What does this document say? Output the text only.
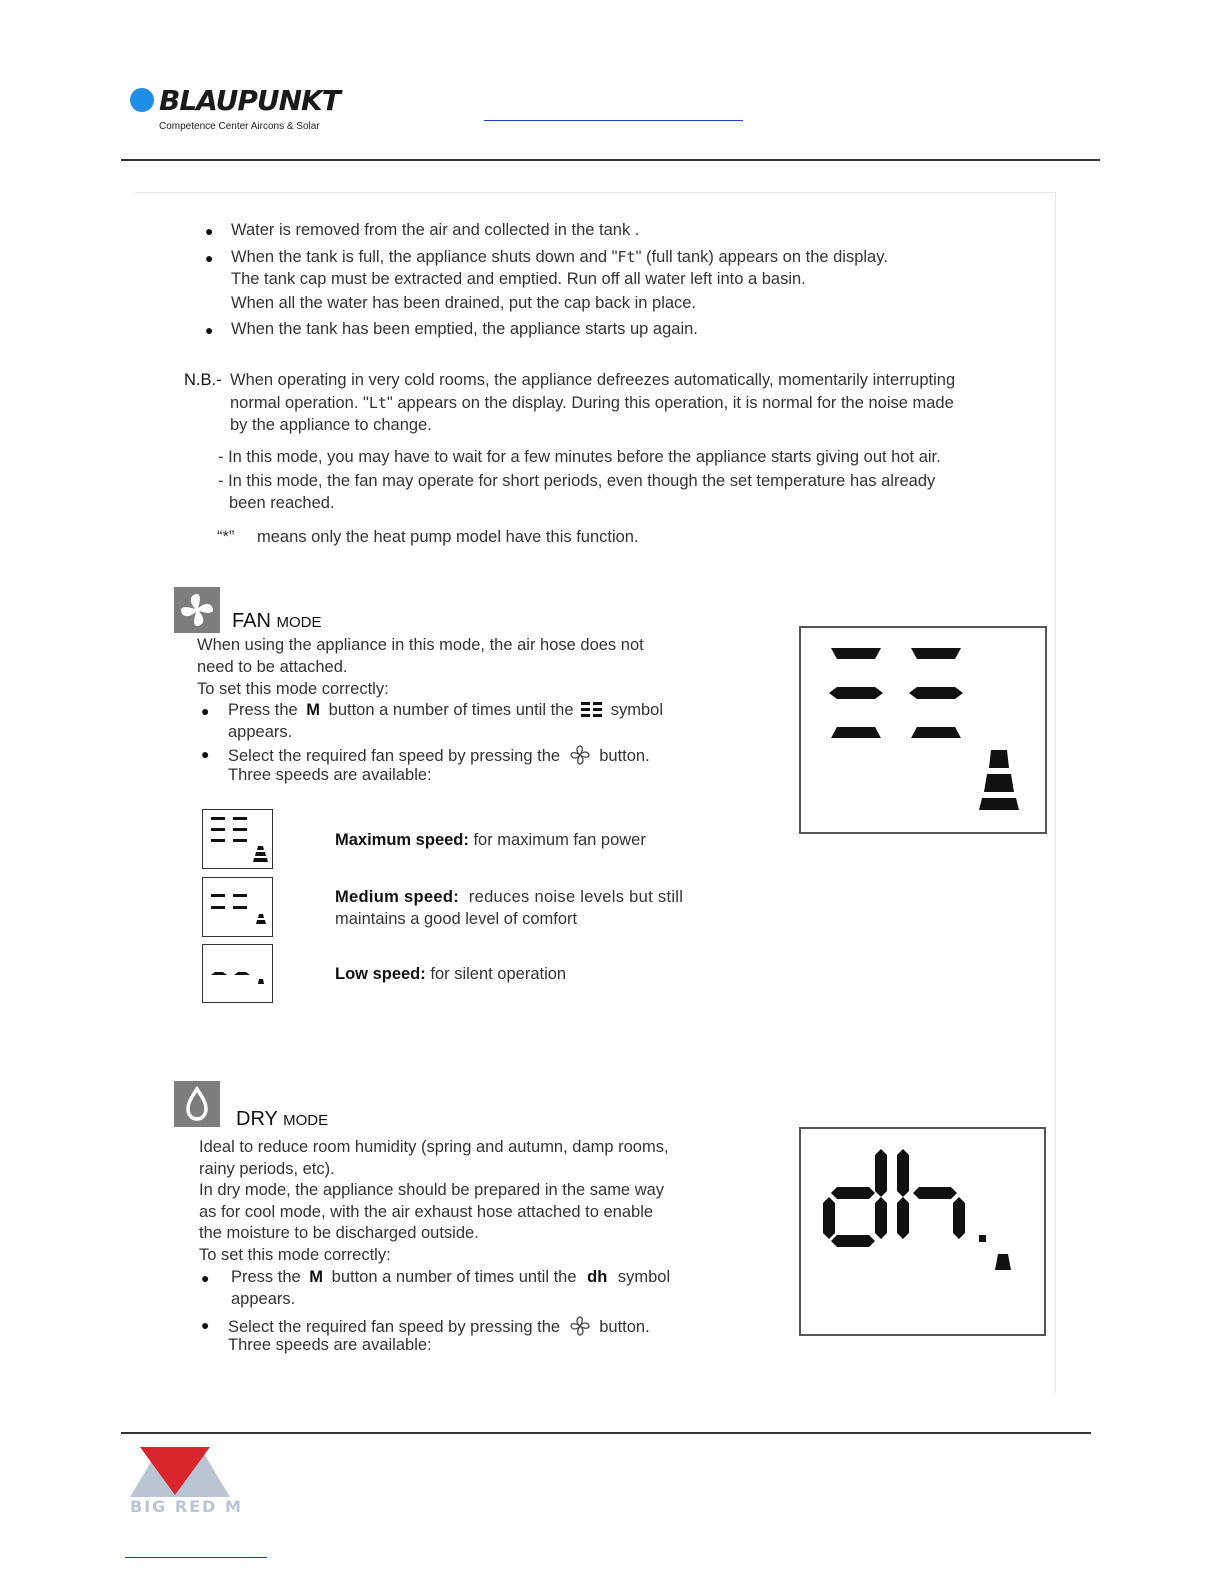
BLAUPUNKT
Competence Center Aircons & Solar
● Water is removed from the air and collected in the tank .
● When the tank is full, the appliance shuts down and "Ft" (full tank) appears on the display.
The tank cap must be extracted and emptied. Run off all water left into a basin.
When all the water has been drained, put the cap back in place.
● When the tank has been emptied, the appliance starts up again.
N.B.- When operating in very cold rooms, the appliance defreezes automatically, momentarily interrupting
normal operation. "Lt" appears on the display. During this operation, it is normal for the noise made
by the appliance to change.
- In this mode, you may have to wait for a few minutes before the appliance starts giving out hot air.
- In this mode, the fan may operate for short periods, even though the set temperature has already
been reached.
“*” means only the heat pump model have this function.
FAN MODE
When using the appliance in this mode, the air hose does not
need to be attached.
To set this mode correctly:
● Press the M button a number of times until the symbol
appears.
● Select the required fan speed by pressing the button.
Three speeds are available:
Maximum speed: for maximum fan power
Medium speed: reduces noise levels but still
maintains a good level of comfort
Low speed: for silent operation
DRY MODE
Ideal to reduce room humidity (spring and autumn, damp rooms,
rainy periods, etc).
In dry mode, the appliance should be prepared in the same way
as for cool mode, with the air exhaust hose attached to enable
the moisture to be discharged outside.
To set this mode correctly:
● Press the M button a number of times until the dh symbol
appears.
● Select the required fan speed by pressing the button.
Three speeds are available:
BIG RED M
